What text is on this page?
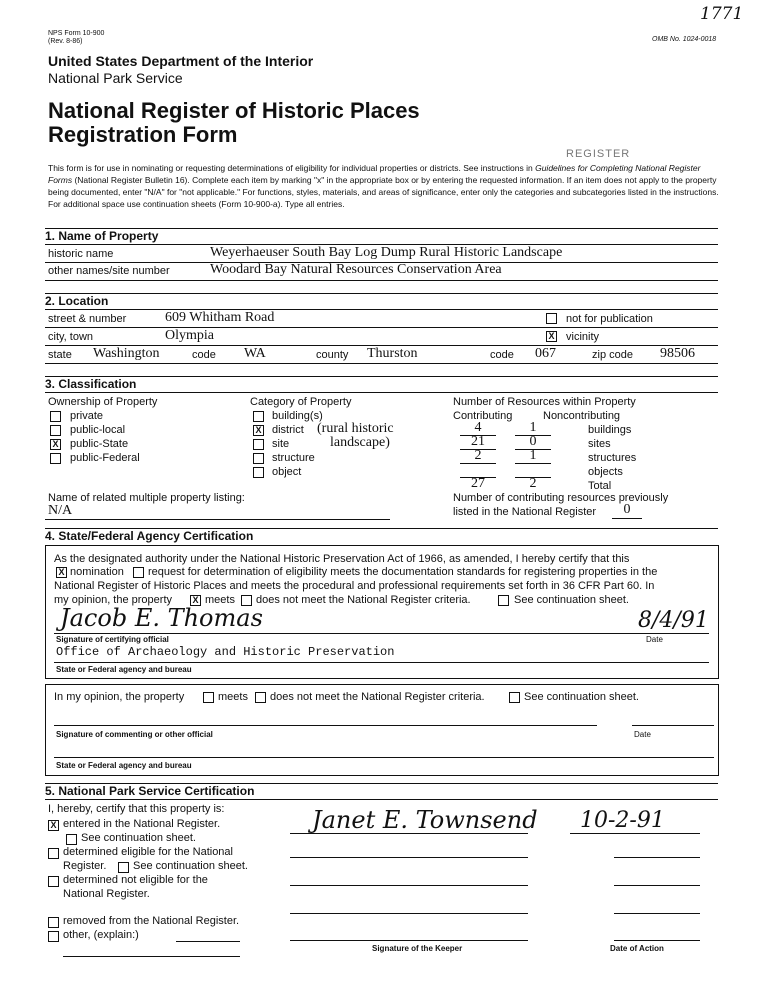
1771
NPS Form 10-900
(Rev. 8-86)	OMB No. 1024-0018
United States Department of the Interior
National Park Service
National Register of Historic Places
Registration Form
REGISTER
This form is for use in nominating or requesting determinations of eligibility for individual properties or districts. See instructions in Guidelines for Completing National Register Forms (National Register Bulletin 16). Complete each item by marking "x" in the appropriate box or by entering the requested information. If an item does not apply to the property being documented, enter "N/A" for "not applicable." For functions, styles, materials, and areas of significance, enter only the categories and subcategories listed in the instructions. For additional space use continuation sheets (Form 10-900-a). Type all entries.
1. Name of Property
historic name	Weyerhaeuser South Bay Log Dump Rural Historic Landscape
other names/site number	Woodard Bay Natural Resources Conservation Area
2. Location
street & number	609 Whitham Road	not for publication
city, town	Olympia	X vicinity
state Washington	code WA	county Thurston	code 067	zip code 98506
3. Classification
Ownership of Property
private
public-local
X public-State
public-Federal
Category of Property
building(s)
X district (rural historic
site	landscape)
structure
object
Number of Resources within Property
Contributing	Noncontributing
4	1	buildings
21	0	sites
2	1	structures
objects
27	2	Total
Name of related multiple property listing:
N/A
Number of contributing resources previously
listed in the National Register	0
4. State/Federal Agency Certification
As the designated authority under the National Historic Preservation Act of 1966, as amended, I hereby certify that this
X nomination request for determination of eligibility meets the documentation standards for registering properties in the
National Register of Historic Places and meets the procedural and professional requirements set forth in 36 CFR Part 60. In
my opinion, the property X meets does not meet the National Register criteria.	See continuation sheet.
Jacob E. Thomas	8/4/91
Signature of certifying official	Date
Office of Archaeology and Historic Preservation
State or Federal agency and bureau
In my opinion, the property	meets does not meet the National Register criteria.	See continuation sheet.
Signature of commenting or other official	Date
State or Federal agency and bureau
5. National Park Service Certification
I, hereby, certify that this property is:
X entered in the National Register.
See continuation sheet.
determined eligible for the National
Register. See continuation sheet.
determined not eligible for the
National Register.
removed from the National Register.
other, (explain:)
Janet E. Townsend 10-2-91
Signature of the Keeper	Date of Action
